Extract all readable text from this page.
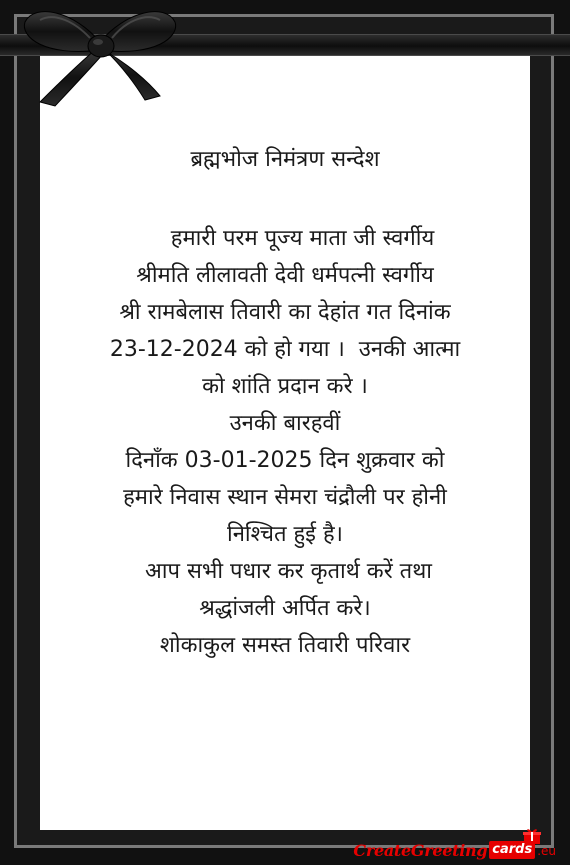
ब्रह्मभोज निमंत्रण सन्देश
हमारी परम पूज्य माता जी स्वर्गीय
श्रीमति लीलावती देवी धर्मपत्नी स्वर्गीय
श्री रामबेलास तिवारी का देहांत गत दिनांक
23-12-2024 को हो गया ।  उनकी आत्मा
को शांति प्रदान करे ।
उनकी बारहवीं
दिनाँक 03-01-2025 दिन शुक्रवार को
हमारे निवास स्थान सेमरा चंद्रौली पर होनी
निश्चित हुई है।
आप सभी पधार कर कृतार्थ करें तथा
श्रद्धांजली अर्पित करे।
शोकाकुल समस्त तिवारी परिवार
CreateGreeting cards .eu
